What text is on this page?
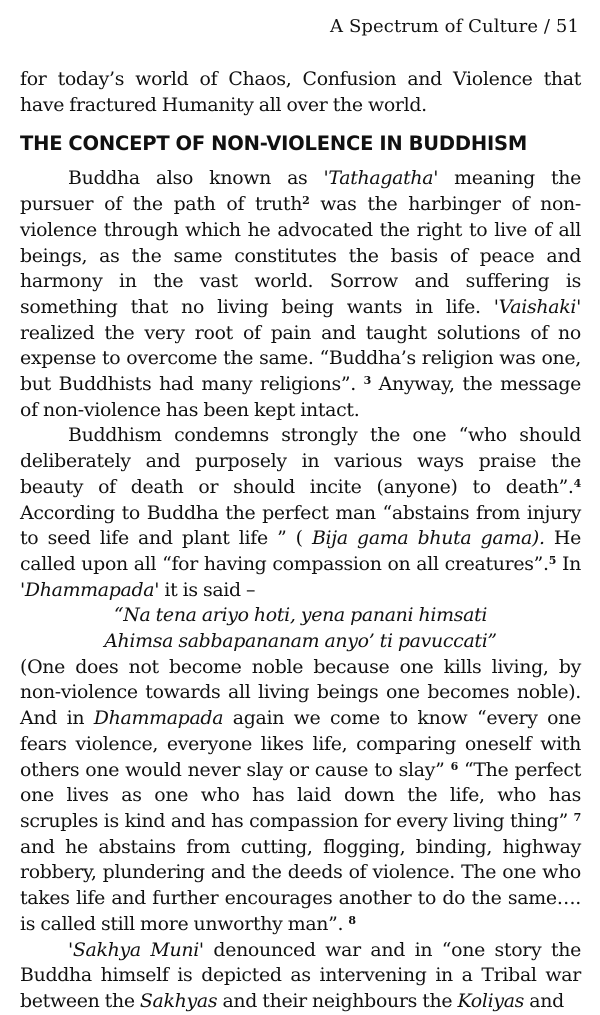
A Spectrum of Culture / 51

for today’s world of Chaos, Confusion and Violence that have fractured Humanity all over the world.

THE CONCEPT OF NON-VIOLENCE IN BUDDHISM

Buddha also known as 'Tathagatha' meaning the pursuer of the path of truth$^2$ was the harbinger of non- violence through which he advocated the right to live of all beings, as the same constitutes the basis of peace and harmony in the vast world. Sorrow and suffering is something that no living being wants in life. 'Vaishaki' realized the very root of pain and taught solutions of no expense to overcome the same. “Buddha’s religion was one, but Buddhists had many religions”. $^3$ Anyway, the message of non-violence has been kept intact.

Buddhism condemns strongly the one “who should deliberately and purposely in various ways praise the beauty of death or should incite (anyone) to death”.$^4$ According to Buddha the perfect man “abstains from injury to seed life and plant life ” ( Bija gama bhuta gama). He called upon all “for having compassion on all creatures”.$^5$ In 'Dhammapada' it is said –

“Na tena ariyo hoti, yena panani himsati
Ahimsa sabbapananam anyo’ ti pavuccati”

(One does not become noble because one kills living, by non-violence towards all living beings one becomes noble). And in Dhammapada again we come to know “every one fears violence, everyone likes life, comparing oneself with others one would never slay or cause to slay” $^6$ “The perfect one lives as one who has laid down the life, who has scruples is kind and has compassion for every living thing” $^7$ and he abstains from cutting, flogging, binding, highway robbery, plundering and the deeds of violence. The one who takes life and further encourages another to do the same…. is called still more unworthy man”. $^8$

'Sakhya Muni' denounced war and in “one story the Buddha himself is depicted as intervening in a Tribal war between the Sakhyas and their neighbours the Koliyas and
